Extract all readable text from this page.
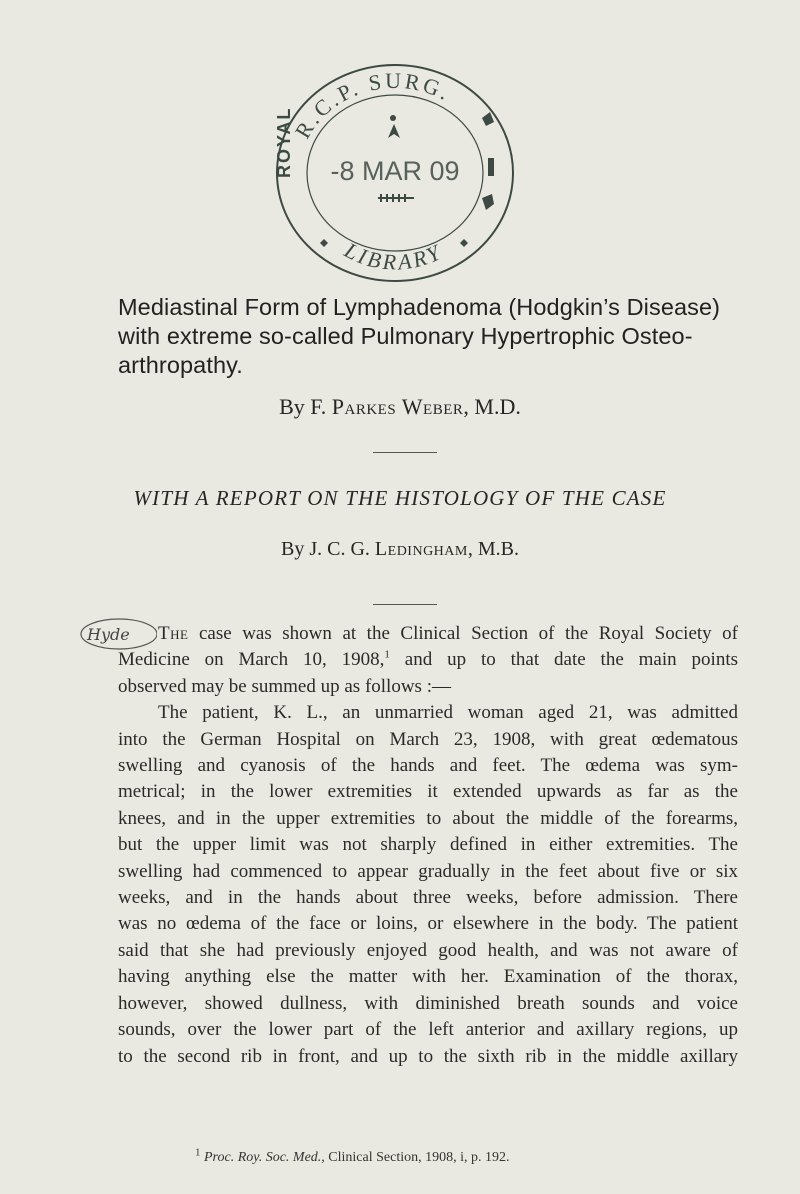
R.C.P. SURG.
LIBRARY
ROYAL -8 MAR 09
Mediastinal Form of Lymphadenoma (Hodgkin’s Disease)
with extreme so-called Pulmonary Hypertrophic Osteo-
arthropathy.
By F. Parkes Weber, M.D.
WITH A REPORT ON THE HISTOLOGY OF THE CASE
By J. C. G. Ledingham, M.B.
Hyde	The case was shown at the Clinical Section of the Royal Society of
Medicine on March 10, 1908,$^1$ and up to that date the main points
observed may be summed up as follows :—
The patient, K. L., an unmarried woman aged 21, was admitted
into the German Hospital on March 23, 1908, with great œdematous
swelling and cyanosis of the hands and feet. The œdema was sym-
metrical; in the lower extremities it extended upwards as far as the
knees, and in the upper extremities to about the middle of the forearms,
but the upper limit was not sharply defined in either extremities. The
swelling had commenced to appear gradually in the feet about five or six
weeks, and in the hands about three weeks, before admission. There
was no œdema of the face or loins, or elsewhere in the body. The patient
said that she had previously enjoyed good health, and was not aware of
having anything else the matter with her. Examination of the thorax,
however, showed dullness, with diminished breath sounds and voice
sounds, over the lower part of the left anterior and axillary regions, up
to the second rib in front, and up to the sixth rib in the middle axillary
$^1$ Proc. Roy. Soc. Med., Clinical Section, 1908, i, p. 192.
